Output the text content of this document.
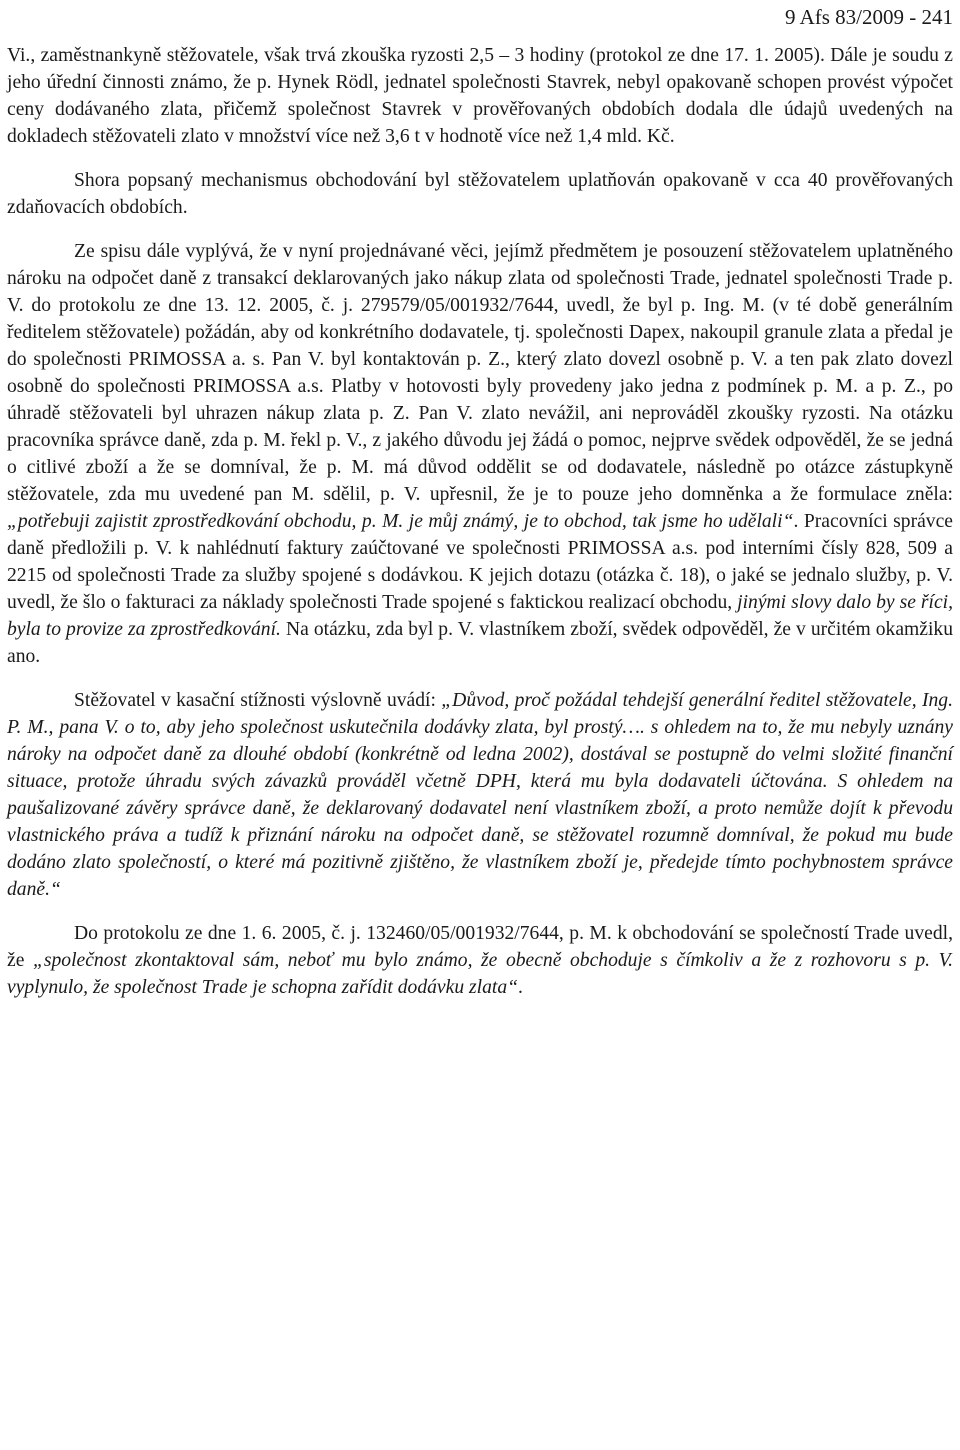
9 Afs 83/2009 - 241

Vi., zaměstnankyně stěžovatele, však trvá zkouška ryzosti 2,5 – 3 hodiny (protokol ze dne 17. 1. 2005). Dále je soudu z jeho úřední činnosti známo, že p. Hynek Rödl, jednatel společnosti Stavrek, nebyl opakovaně schopen provést výpočet ceny dodávaného zlata, přičemž společnost Stavrek v prověřovaných obdobích dodala dle údajů uvedených na dokladech stěžovateli zlato v množství více než 3,6 t v hodnotě více než 1,4 mld. Kč.

Shora popsaný mechanismus obchodování byl stěžovatelem uplatňován opakovaně v cca 40 prověřovaných zdaňovacích obdobích.

Ze spisu dále vyplývá, že v nyní projednávané věci, jejímž předmětem je posouzení stěžovatelem uplatněného nároku na odpočet daně z transakcí deklarovaných jako nákup zlata od společnosti Trade, jednatel společnosti Trade p. V. do protokolu ze dne 13. 12. 2005, č. j. 279579/05/001932/7644, uvedl, že byl p. Ing. M. (v té době generálním ředitelem stěžovatele) požádán, aby od konkrétního dodavatele, tj. společnosti Dapex, nakoupil granule zlata a předal je do společnosti PRIMOSSA a. s. Pan V. byl kontaktován p. Z., který zlato dovezl osobně p. V. a ten pak zlato dovezl osobně do společnosti PRIMOSSA a.s. Platby v hotovosti byly provedeny jako jedna z podmínek p. M. a p. Z., po úhradě stěžovateli byl uhrazen nákup zlata p. Z. Pan V. zlato nevážil, ani neprováděl zkoušky ryzosti. Na otázku pracovníka správce daně, zda p. M. řekl p. V., z jakého důvodu jej žádá o pomoc, nejprve svědek odpověděl, že se jedná o citlivé zboží a že se domníval, že p. M. má důvod oddělit se od dodavatele, následně po otázce zástupkyně stěžovatele, zda mu uvedené pan M. sdělil, p. V. upřesnil, že je to pouze jeho domněnka a že formulace zněla: „potřebuji zajistit zprostředkování obchodu, p. M. je můj známý, je to obchod, tak jsme ho udělali“. Pracovníci správce daně předložili p. V. k nahlédnutí faktury zaúčtované ve společnosti PRIMOSSA a.s. pod interními čísly 828, 509 a 2215 od společnosti Trade za služby spojené s dodávkou. K jejich dotazu (otázka č. 18), o jaké se jednalo služby, p. V. uvedl, že šlo o fakturaci za náklady společnosti Trade spojené s faktickou realizací obchodu, jinými slovy dalo by se říci, byla to provize za zprostředkování. Na otázku, zda byl p. V. vlastníkem zboží, svědek odpověděl, že v určitém okamžiku ano.

Stěžovatel v kasační stížnosti výslovně uvádí: „Důvod, proč požádal tehdejší generální ředitel stěžovatele, Ing. P. M., pana V. o to, aby jeho společnost uskutečnila dodávky zlata, byl prostý…. s ohledem na to, že mu nebyly uznány nároky na odpočet daně za dlouhé období (konkrétně od ledna 2002), dostával se postupně do velmi složité finanční situace, protože úhradu svých závazků prováděl včetně DPH, která mu byla dodavateli účtována. S ohledem na paušalizované závěry správce daně, že deklarovaný dodavatel není vlastníkem zboží, a proto nemůže dojít k převodu vlastnického práva a tudíž k přiznání nároku na odpočet daně, se stěžovatel rozumně domníval, že pokud mu bude dodáno zlato společností, o které má pozitivně zjištěno, že vlastníkem zboží je, předejde tímto pochybnostem správce daně.“

Do protokolu ze dne 1. 6. 2005, č. j. 132460/05/001932/7644, p. M. k obchodování se společností Trade uvedl, že „společnost zkontaktoval sám, neboť mu bylo známo, že obecně obchoduje s čímkoliv a že z rozhovoru s p. V. vyplynulo, že společnost Trade je schopna zařídit dodávku zlata“.
